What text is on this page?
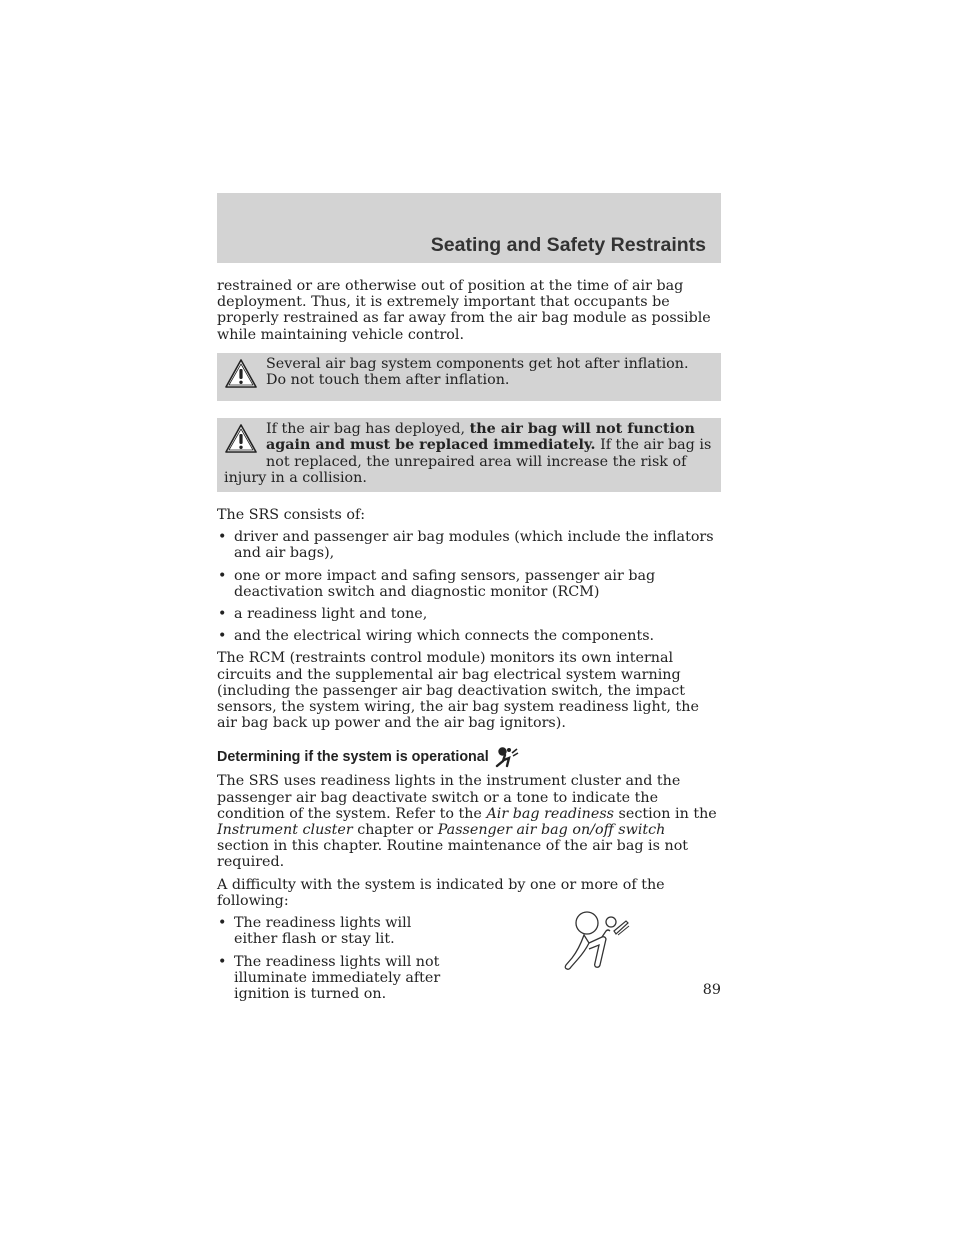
Seating and Safety Restraints

restrained or are otherwise out of position at the time of air bag deployment. Thus, it is extremely important that occupants be properly restrained as far away from the air bag module as possible while maintaining vehicle control.

Several air bag system components get hot after inflation. Do not touch them after inflation.

If the air bag has deployed, the air bag will not function again and must be replaced immediately. If the air bag is not replaced, the unrepaired area will increase the risk of injury in a collision.

The SRS consists of:

• driver and passenger air bag modules (which include the inflators and air bags),
• one or more impact and safing sensors, passenger air bag deactivation switch and diagnostic monitor (RCM)
• a readiness light and tone,
• and the electrical wiring which connects the components.

The RCM (restraints control module) monitors its own internal circuits and the supplemental air bag electrical system warning (including the passenger air bag deactivation switch, the impact sensors, the system wiring, the air bag system readiness light, the air bag back up power and the air bag ignitors).

Determining if the system is operational

The SRS uses readiness lights in the instrument cluster and the passenger air bag deactivate switch or a tone to indicate the condition of the system. Refer to the Air bag readiness section in the Instrument cluster chapter or Passenger air bag on/off switch section in this chapter. Routine maintenance of the air bag is not required.

A difficulty with the system is indicated by one or more of the following:

• The readiness lights will either flash or stay lit.
• The readiness lights will not illuminate immediately after ignition is turned on.	89
